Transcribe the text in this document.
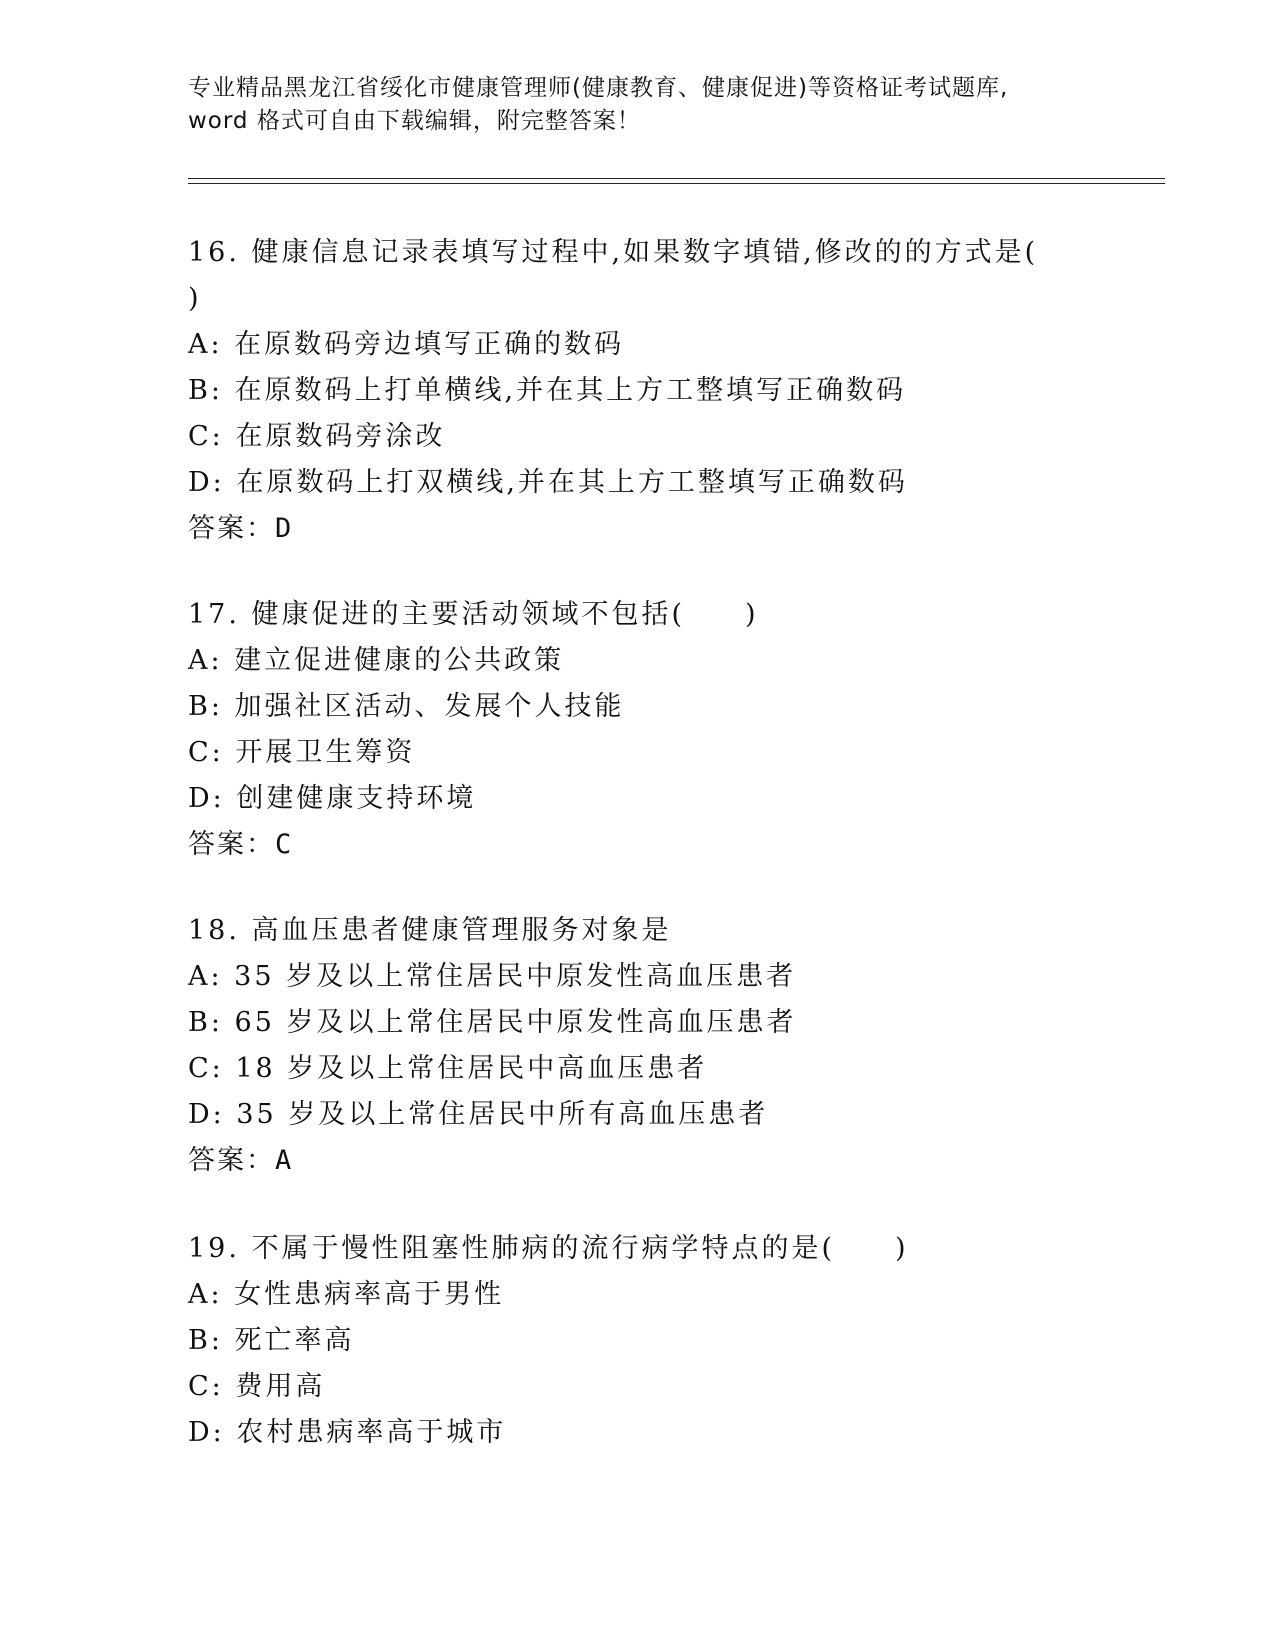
专业精品黑龙江省绥化市健康管理师(健康教育、健康促进)等资格证考试题库,
word 格式可自由下载编辑，附完整答案！
16. 健康信息记录表填写过程中,如果数字填错,修改的的方式是(
)
A: 在原数码旁边填写正确的数码
B: 在原数码上打单横线,并在其上方工整填写正确数码
C: 在原数码旁涂改
D: 在原数码上打双横线,并在其上方工整填写正确数码
答案：D
17. 健康促进的主要活动领域不包括(　　)
A: 建立促进健康的公共政策
B: 加强社区活动、发展个人技能
C: 开展卫生筹资
D: 创建健康支持环境
答案：C
18. 高血压患者健康管理服务对象是
A: 35 岁及以上常住居民中原发性高血压患者
B: 65 岁及以上常住居民中原发性高血压患者
C: 18 岁及以上常住居民中高血压患者
D: 35 岁及以上常住居民中所有高血压患者
答案：A
19. 不属于慢性阻塞性肺病的流行病学特点的是(　　)
A: 女性患病率高于男性
B: 死亡率高
C: 费用高
D: 农村患病率高于城市
